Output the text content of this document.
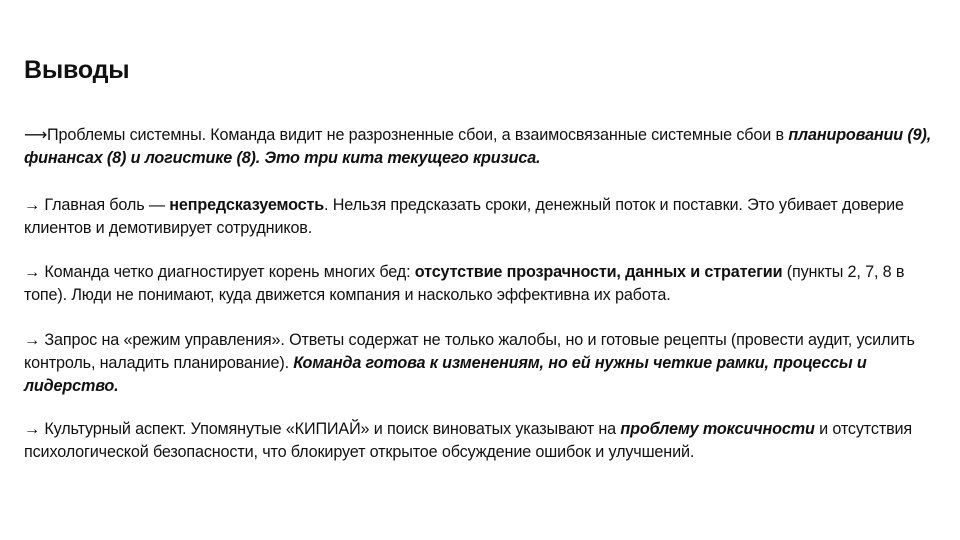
Выводы

⟶Проблемы системны. Команда видит не разрозненные сбои, а взаимосвязанные системные сбои в планировании (9), финансах (8) и логистике (8). Это три кита текущего кризиса.

→ Главная боль — непредсказуемость. Нельзя предсказать сроки, денежный поток и поставки. Это убивает доверие клиентов и демотивирует сотрудников.

→ Команда четко диагностирует корень многих бед: отсутствие прозрачности, данных и стратегии (пункты 2, 7, 8 в топе). Люди не понимают, куда движется компания и насколько эффективна их работа.

→ Запрос на «режим управления». Ответы содержат не только жалобы, но и готовые рецепты (провести аудит, усилить контроль, наладить планирование). Команда готова к изменениям, но ей нужны четкие рамки, процессы и лидерство.

→ Культурный аспект. Упомянутые «КИПИАЙ» и поиск виноватых указывают на проблему токсичности и отсутствия психологической безопасности, что блокирует открытое обсуждение ошибок и улучшений.
